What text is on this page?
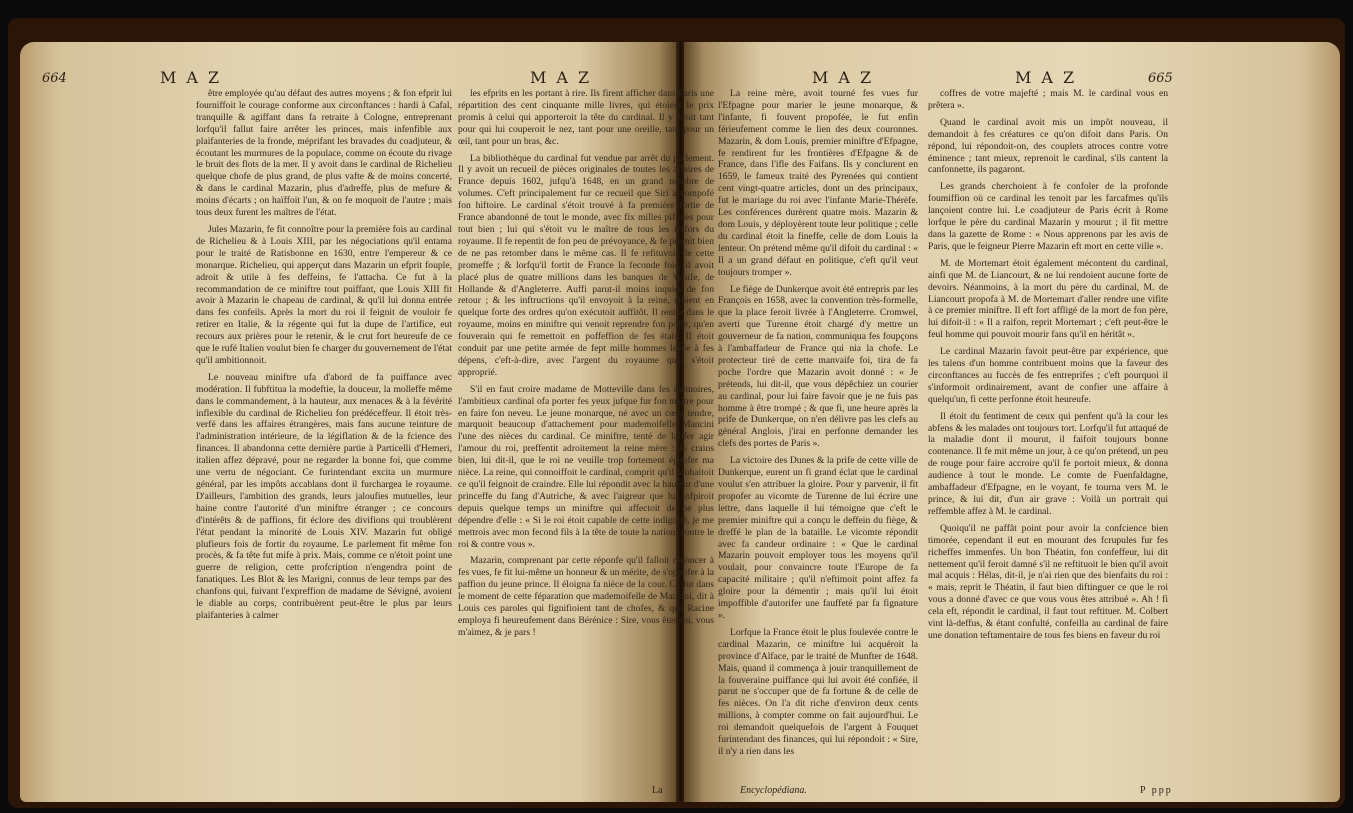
664	MAZ	MAZ

être employée qu'au défaut des autres moyens ; & fon efprit lui fourniffoit le courage conforme aux circonftances : hardi à Cafal, tranquille & agiffant dans fa retraite à Cologne, entreprenant lorfqu'il fallut faire arrêter les princes, mais infenfible aux plaifanteries de la fronde, méprifant les bravades du coadjuteur, & écoutant les murmures de la populace, comme on écoute du rivage le bruit des flots de la mer. Il y avoit dans le cardinal de Richelieu quelque chofe de plus grand, de plus vafte & de moins concerté, & dans le cardinal Mazarin, plus d'adreffe, plus de mefure & moins d'écarts ; on haïffoit l'un, & on fe moquoit de l'autre ; mais tous deux furent les maîtres de l'état.

Jules Mazarin, fe fit connoître pour la première fois au cardinal de Richelieu & à Louis XIII, par les négociations qu'il entama pour le traité de Ratisbonne en 1630, entre l'empereur & ce monarque. Richelieu, qui apperçut dans Mazarin un efprit fouple, adroit & utile à fes deffeins, fe l'attacha. Ce fut à la recommandation de ce miniftre tout puiffant, que Louis XIII fit avoir à Mazarin le chapeau de cardinal, & qu'il lui donna entrée dans fes confeils. Après la mort du roi il feignit de vouloir fe retirer en Italie, & la régente qui fut la dupe de l'artifice, eut recours aux prières pour le retenir, & le crut fort heureufe de ce que le rufé Italien voulut bien fe charger du gouvernement de l'état qu'il ambitionnoit.

Le nouveau miniftre ufa d'abord de fa puiffance avec modération. Il fubftitua la modeftie, la douceur, la molleffe même dans le commandement, à la hauteur, aux menaces & à la févérité inflexible du cardinal de Richelieu fon prédéceffeur. Il étoit très-verfé dans les affaires étrangères, mais fans aucune teinture de l'administration intérieure, de la légiflation & de la fcience des finances. Il abandonna cette dernière partie à Particelli d'Hemeri, italien affez dépravé, pour ne regarder la bonne foi, que comme une vertu de négociant. Ce furintendant excita un murmure général, par les impôts accablans dont il furchargea le royaume. D'ailleurs, l'ambition des grands, leurs jaloufies mutuelles, leur haine contre l'autorité d'un miniftre étranger ; ce concours d'intérêts & de paffions, fit éclore des divifions qui troublèrent l'état pendant la minorité de Louis XIV. Mazarin fut obligé plufieurs fois de fortir du royaume. Le parlement fit même fon procès, & fa tête fut mife à prix. Mais, comme ce n'étoit point une guerre de religion, cette profcription n'engendra point de fanatiques. Les Blot & les Marigni, connus de leur temps par des chanfons qui, fuivant l'expreffion de madame de Sévigné, avoient le diable au corps, contribuèrent peut-être le plus par leurs plaifanteries à calmer

les efprits en les portant à rire. Ils firent afficher dans Paris une répartition des cent cinquante mille livres, qui étoient le prix promis à celui qui apporteroit la tête du cardinal. Il y avoit tant pour qui lui couperoit le nez, tant pour une oreille, tant pour un œil, tant pour un bras, &c.

La bibliothèque du cardinal fut vendue par arrêt du parlement. Il y avoit un recueil de pièces originales de toutes les affaires de France depuis 1602, jufqu'à 1648, en un grand nombre de volumes. C'eft principalement fur ce recueil que Siri a compofé fon hiftoire. Le cardinal s'étoit trouvé à fa première fortie de France abandonné de tout le monde, avec fix milles piftoles pour tout bien ; lui qui s'étoit vu le maître de tous les tréfors du royaume. Il fe repentit de fon peu de prévoyance, & fe promit bien de ne pas retomber dans le même cas. Il fe refituvoit de cette promeffe ; & lorfqu'il fortit de France la feconde fois, il avoit placé plus de quatre millions dans les banques de Venife, de Hollande & d'Angleterre. Auffi parut-il moins inquiet de fon retour ; & les inftructions qu'il envoyoit à la reine, étoient en quelque forte des ordres qu'on exécutoit auffitôt. Il rentra dans le royaume, moins en miniftre qui venoit reprendre fon pofte, qu'en fouverain qui fe remettoit en poffeffion de fes états. Il étoit conduit par une petite armée de fept mille hommes levée à fes dépens, c'eft-à-dire, avec l'argent du royaume qu'il s'étoit approprié.

S'il en faut croire madame de Motteville dans fes mémoires, l'ambitieux cardinal ofa porter fes yeux jufque fur fon maître pour en faire fon neveu. Le jeune monarque, né avec un cœur tendre, marquoit beaucoup d'attachement pour mademoifelle Mancini l'une des nièces du cardinal. Ce miniftre, tenté de laiffer agir l'amour du roi, preffentit adroitement la reine mère : Je crains bien, lui dit-il, que le roi ne veuille trop fortement époufer ma nièce. La reine, qui connoiffoit le cardinal, comprit qu'il fouhaitoit ce qu'il feignoit de craindre. Elle lui répondit avec la hauteur d'une princeffe du fang d'Autriche, & avec l'aigreur que lui infpiroit depuis quelque temps un miniftre qui affectoit de ne plus dépendre d'elle : « Si le roi étoit capable de cette indignité, je me mettrois avec mon fecond fils à la tête de toute la nation, contre le roi & contre vous ».

Mazarin, comprenant par cette réponfe qu'il falloit renoncer à fes vues, fe fit lui-même un honneur & un mérite, de s'oppofer à la paffion du jeune prince. Il éloigna fa nièce de la cour. Ce fut dans le moment de cette féparation que mademoifelle de Mancini, dit à Louis ces paroles qui fignifioient tant de chofes, & que Racine employa fi heureufement dans Bérénice : Sire, vous êtes roi, vous m'aimez, & je pars !

La
MAZ	MAZ	665

La reine mère, avoit tourné fes vues fur l'Efpagne pour marier le jeune monarque, & l'infante, fi fouvent propofée, le fut enfin férieufement comme le lien des deux couronnes. Mazarin, & dom Louis, premier miniftre d'Efpagne, fe rendirent fur les frontières d'Efpagne & de France, dans l'ifle des Faifans. Ils y conclurent en 1659, le fameux traité des Pyrenées qui contient cent vingt-quatre articles, dont un des principaux, fut le mariage du roi avec l'infante Marie-Thérèfe. Les conférences durèrent quatre mois. Mazarin & dom Louis, y déployèrent toute leur politique ; celle du cardinal étoit la fineffe, celle de dom Louis la lenteur. On prétend même qu'il difoit du cardinal : « Il a un grand défaut en politique, c'eft qu'il veut toujours tromper ».

Le fiège de Dunkerque avoit été entrepris par les François en 1658, avec la convention très-formelle, que la place feroit livrée à l'Angleterre. Cromwel, averti que Turenne étoit chargé d'y mettre un gouverneur de fa nation, communiqua fes foupçons à l'ambaffadeur de France qui nia la chofe. Le protecteur tiré de cette manvaife foi, tira de fa poche l'ordre que Mazarin avoit donné : « Je prétends, lui dit-il, que vous dépêchiez un courier au cardinal, pour lui faire favoir que je ne fuis pas homme à être trompé ; & que fi, une heure après la prife de Dunkerque, on n'en délivre pas les clefs au général Anglois, j'irai en perfonne demander les clefs des portes de Paris ».

La victoire des Dunes & la prife de cette ville de Dunkerque, eurent un fi grand éclat que le cardinal voulut s'en attribuer la gloire. Pour y parvenir, il fit propofer au vicomte de Turenne de lui écrire une lettre, dans laquelle il lui témoigne que c'eft le premier miniftre qui a conçu le deffein du fiège, & dreffé le plan de la bataille. Le vicomte répondit avec fa candeur ordinaire : « Que le cardinal Mazarin pouvoit employer tous les moyens qu'il voulait, pour convaincre toute l'Europe de fa capacité militaire ; qu'il n'eftimoit point affez fa gloire pour la démentir ; mais qu'il lui étoit impoffible d'autorifer une fauffeté par fa fignature ».

Lorfque la France étoit le plus foulevée contre le cardinal Mazarin, ce miniftre lui acquéroit la province d'Alface, par le traité de Munfter de 1648. Mais, quand il commença à jouir tranquillement de la fouveraine puiffance qui lui avoit été confiée, il parut ne s'occuper que de fa fortune & de celle de fes nièces. On l'a dit riche d'environ deux cents millions, à compter comme on fait aujourd'hui. Le roi demandoit quelquefois de l'argent à Fouquet furintendant des finances, qui lui répondoit : « Sire, il n'y a rien dans les

coffres de votre majefté ; mais M. le cardinal vous en prêtera ».

Quand le cardinal avoit mis un impôt nouveau, il demandoit à fes créatures ce qu'on difoit dans Paris. On répond, lui répondoit-on, des couplets atroces contre votre éminence ; tant mieux, reprenoit le cardinal, s'ils cantent la canfonnette, ils pagaront.

Les grands cherchoient à fe confoler de la profonde foumiffion où ce cardinal les tenoit par les farcafmes qu'ils lançoient contre lui. Le coadjuteur de Paris écrit à Rome lorfque le père du cardinal Mazarin y mourut ; il fit mettre dans la gazette de Rome : « Nous apprenons par les avis de Paris, que le feigneur Pierre Mazarin eft mort en cette ville ».

M. de Mortemart étoit également mécontent du cardinal, ainfi que M. de Liancourt, & ne lui rendoient aucune forte de devoirs. Néanmoins, à la mort du père du cardinal, M. de Liancourt propofa à M. de Mortemart d'aller rendre une vifite à ce premier miniftre. Il eft fort affligé de la mort de fon père, lui difoit-il : « Il a raifon, reprit Mortemart ; c'eft peut-être le feul homme qui pouvoit mourir fans qu'il en héritât ».

Le cardinal Mazarin favoit peut-être par expérience, que les talens d'un homme contribuent moins que la faveur des circonftances au fuccès de fes entreprifes ; c'eft pourquoi il s'informoit ordinairement, avant de confier une affaire à quelqu'un, fi cette perfonne étoit heureufe.

Il étoit du fentiment de ceux qui penfent qu'à la cour les abfens & les malades ont toujours tort. Lorfqu'il fut attaqué de la maladie dont il mourut, il faifoit toujours bonne contenance. Il fe mit même un jour, à ce qu'on prétend, un peu de rouge pour faire accroire qu'il fe portoit mieux, & donna audience à tout le monde. Le comte de Fuenfaldagne, ambaffadeur d'Efpagne, en le voyant, fe tourna vers M. le prince, & lui dit, d'un air grave : Voilà un portrait qui reffemble affez à M. le cardinal.

Quoiqu'il ne paffât point pour avoir la confcience bien timorée, cependant il eut en mourant des fcrupules fur fes richeffes immenfes. Un bon Théatin, fon confeffeur, lui dit nettement qu'il feroit damné s'il ne reftituoit le bien qu'il avoit mal acquis : Hélas, dit-il, je n'ai rien que des bienfaits du roi : « mais, reprit le Théatin, il faut bien diftinguer ce que le roi vous a donné d'avec ce que vous vous êtes attribué ». Ah ! fi cela eft, répondit le cardinal, il faut tout reftituer. M. Colbert vint là-deffus, & étant confulté, confeilla au cardinal de faire une donation teftamentaire de tous fes biens en faveur du roi

Encyclopédiana.	P ppp
